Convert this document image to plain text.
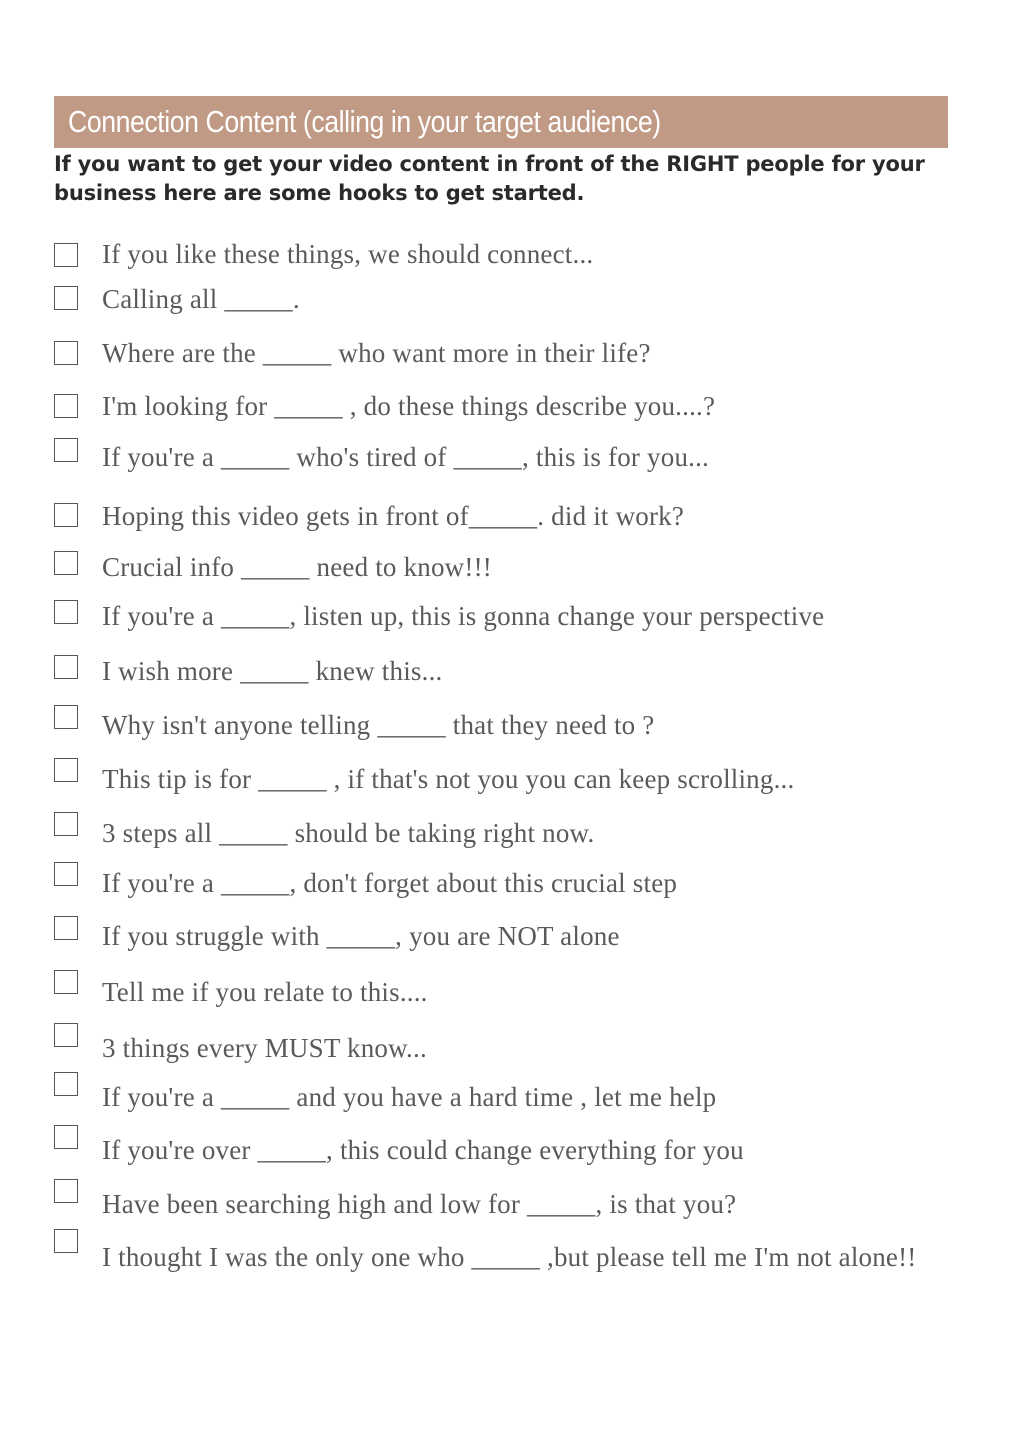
Connection Content (calling in your target audience)
If you want to get your video content in front of the RIGHT people for your business here are some hooks to get started.
If you like these things, we should connect...
Calling all _____.
Where are the _____ who want more in their life?
I'm looking for _____ , do these things describe you....?
If you're a _____ who's tired of _____, this is for you...
Hoping this video gets in front of_____. did it work?
Crucial info _____ need to know!!!
If you're a _____, listen up, this is gonna change your perspective
I wish more _____ knew this...
Why isn't anyone telling _____ that they need to ?
This tip is for _____ , if that's not you you can keep scrolling...
3 steps all _____ should be taking right now.
If you're a _____, don't forget about this crucial step
If you struggle with _____, you are NOT alone
Tell me if you relate to this....
3 things every MUST know...
If you're a _____ and you have a hard time , let me help
If you're over _____, this could change everything for you
Have been searching high and low for _____, is that you?
I thought I was the only one who _____ ,but please tell me I'm not alone!!
